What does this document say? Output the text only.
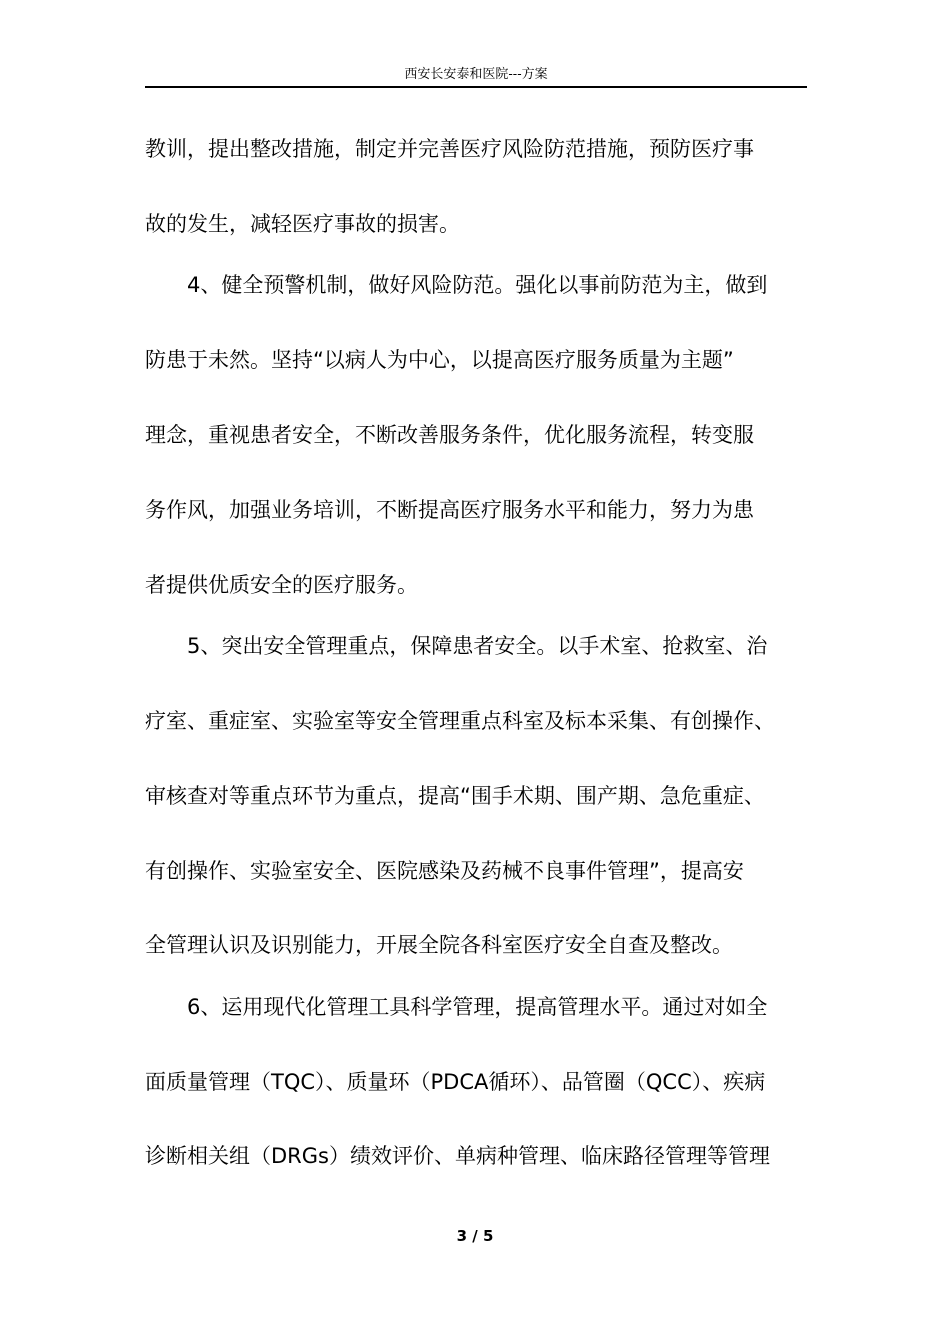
西安长安泰和医院---方案
教训，提出整改措施，制定并完善医疗风险防范措施，预防医疗事
故的发生，减轻医疗事故的损害。
4、健全预警机制，做好风险防范。强化以事前防范为主，做到
防患于未然。坚持“以病人为中心，以提高医疗服务质量为主题”
理念，重视患者安全，不断改善服务条件，优化服务流程，转变服
务作风，加强业务培训，不断提高医疗服务水平和能力，努力为患
者提供优质安全的医疗服务。
5、突出安全管理重点，保障患者安全。以手术室、抢救室、治
疗室、重症室、实验室等安全管理重点科室及标本采集、有创操作、
审核查对等重点环节为重点，提高“围手术期、围产期、急危重症、
有创操作、实验室安全、医院感染及药械不良事件管理”，提高安
全管理认识及识别能力，开展全院各科室医疗安全自查及整改。
6、运用现代化管理工具科学管理，提高管理水平。通过对如全
面质量管理（TQC）、质量环（PDCA循环）、品管圈（QCC）、疾病
诊断相关组（DRGs）绩效评价、单病种管理、临床路径管理等管理
3 / 5
